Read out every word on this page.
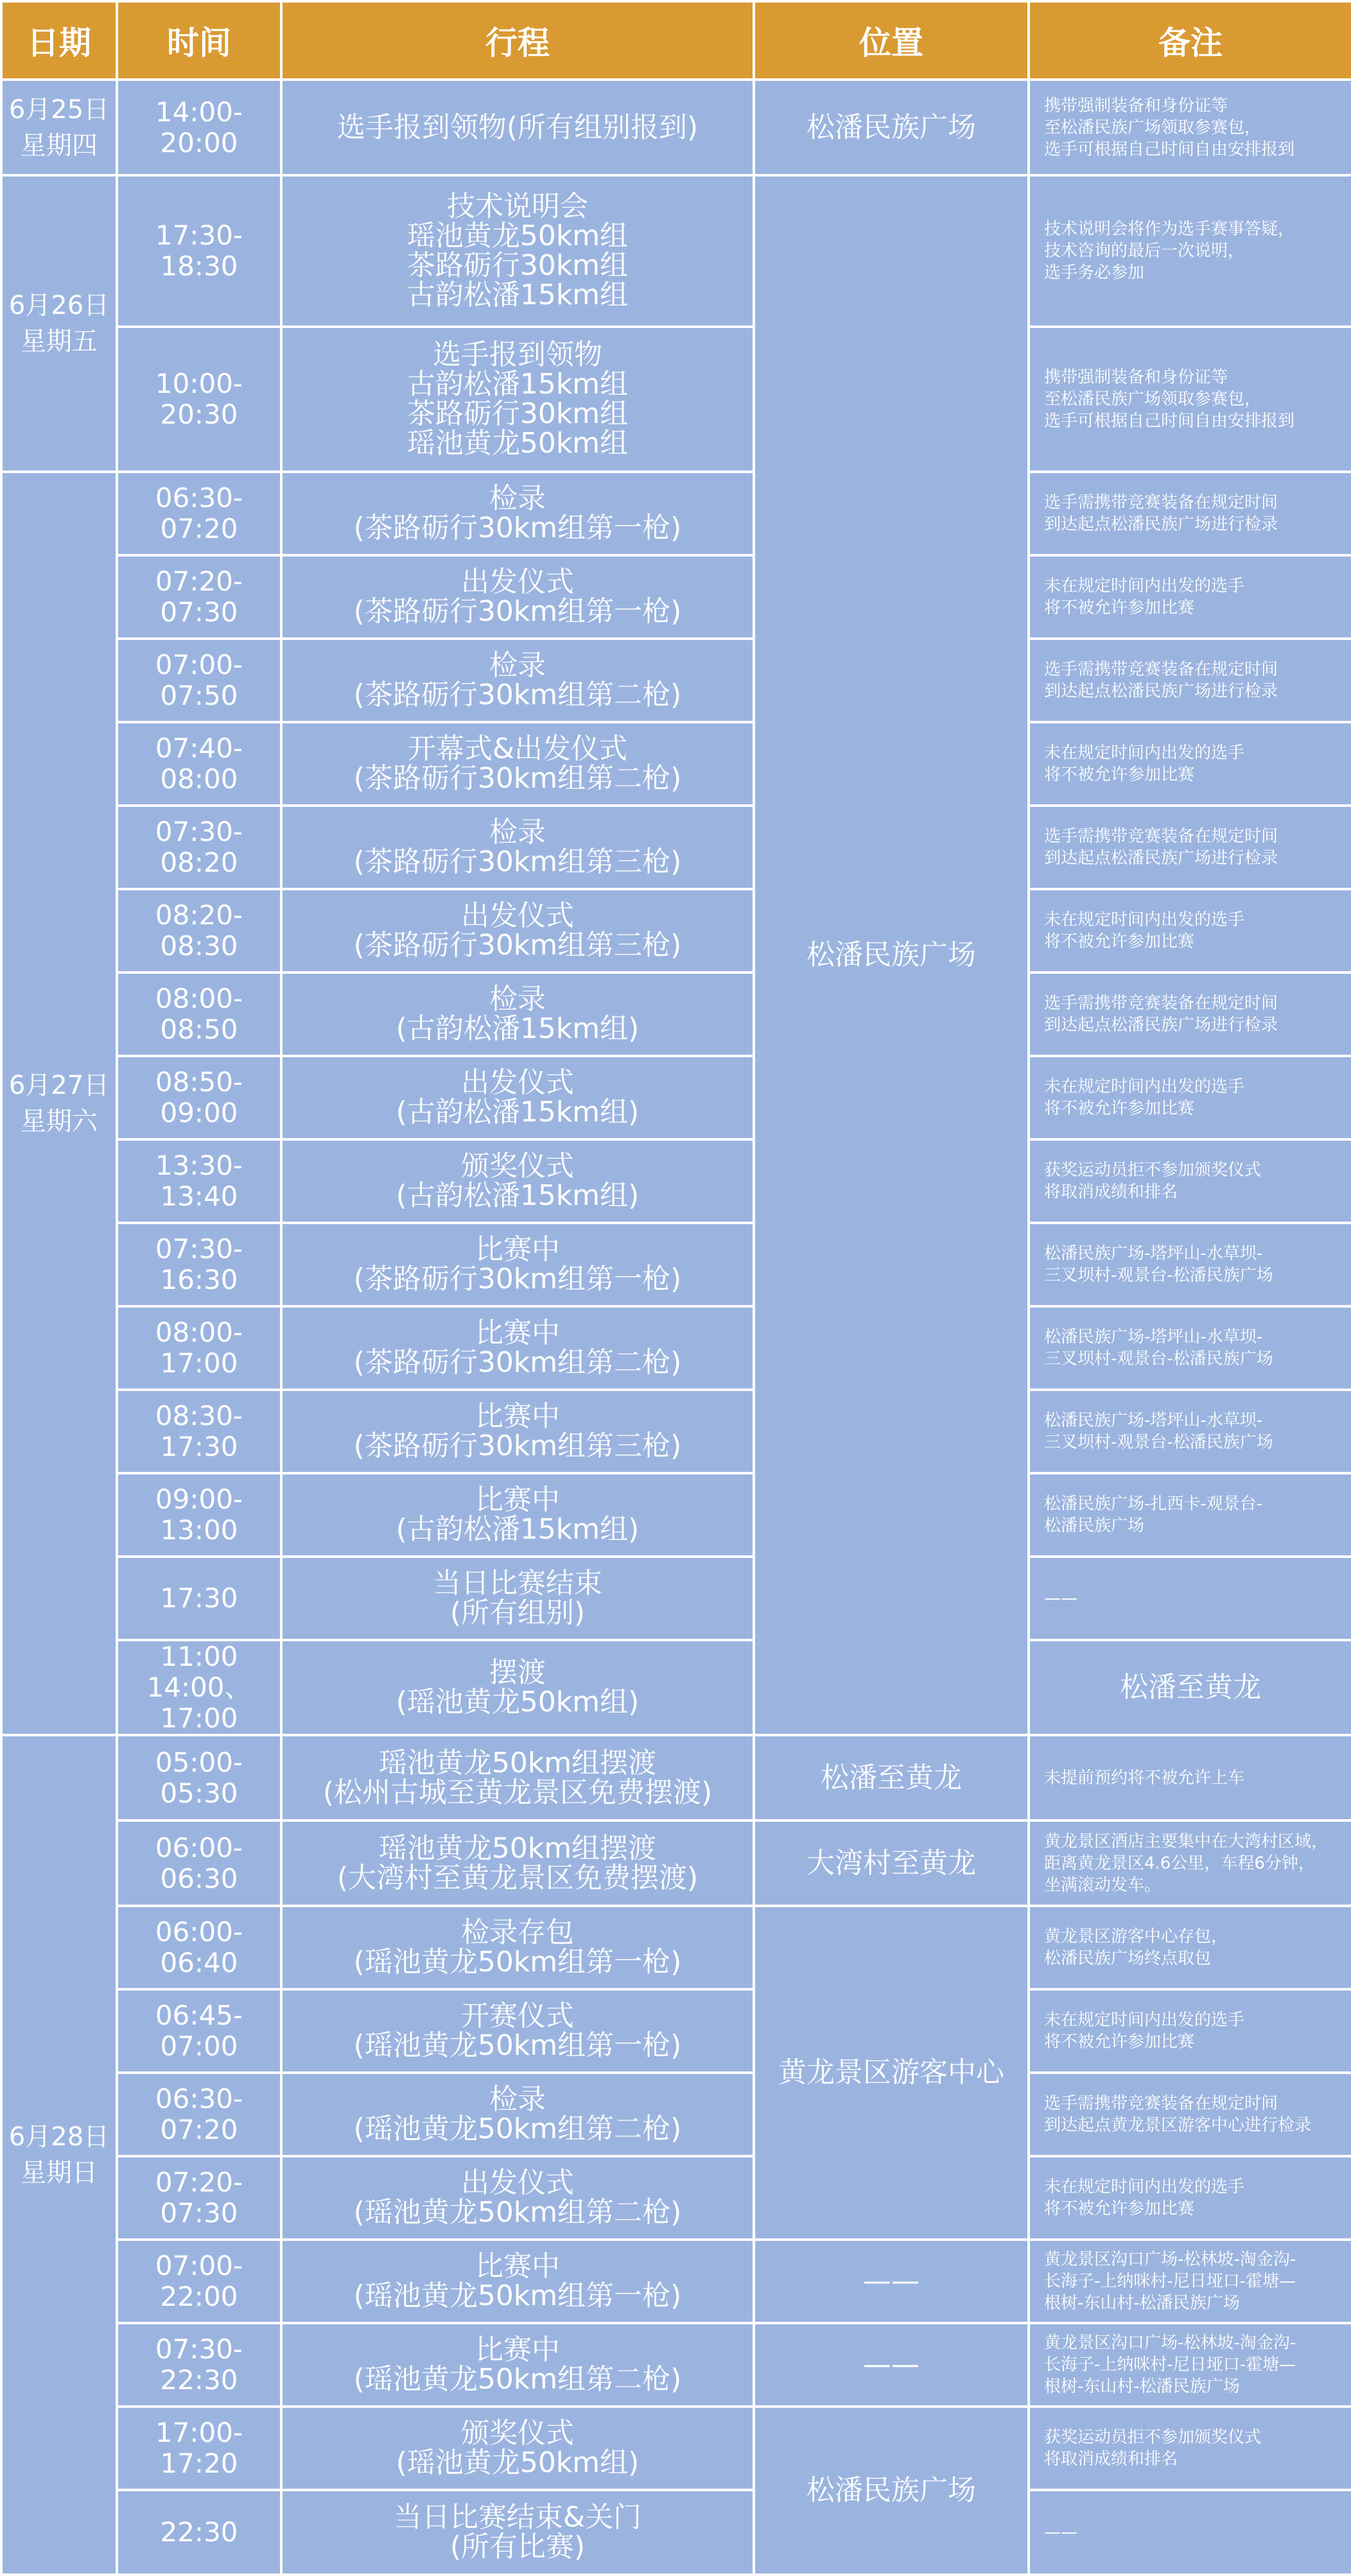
日期	时间	行程	位置	备注	

6月25日
星期四	14:00-20:00	选手报到领物(所有组别报到)	松潘民族广场	携带强制装备和身份证等
至松潘民族广场领取参赛包，
选手可根据自己时间自由安排报到	

6月26日
星期五	17:30-18:30	技术说明会
瑶池黄龙50km组
茶路砺行30km组
古韵松潘15km组	松潘民族广场	技术说明会将作为选手赛事答疑，
技术咨询的最后一次说明，
选手务必参加	

	10:00-20:30	选手报到领物
古韵松潘15km组
茶路砺行30km组
瑶池黄龙50km组		携带强制装备和身份证等
至松潘民族广场领取参赛包，
选手可根据自己时间自由安排报到	

6月27日
星期六	06:30-07:20	检录
(茶路砺行30km组第一枪)		选手需携带竞赛装备在规定时间
到达起点松潘民族广场进行检录	

	07:20-07:30	出发仪式
(茶路砺行30km组第一枪)		未在规定时间内出发的选手
将不被允许参加比赛	

	07:00-07:50	检录
(茶路砺行30km组第二枪)		选手需携带竞赛装备在规定时间
到达起点松潘民族广场进行检录	

	07:40-08:00	开幕式&出发仪式
(茶路砺行30km组第二枪)		未在规定时间内出发的选手
将不被允许参加比赛	

	07:30-08:20	检录
(茶路砺行30km组第三枪)		选手需携带竞赛装备在规定时间
到达起点松潘民族广场进行检录	

	08:20-08:30	出发仪式
(茶路砺行30km组第三枪)		未在规定时间内出发的选手
将不被允许参加比赛	

	08:00-08:50	检录
(古韵松潘15km组)		选手需携带竞赛装备在规定时间
到达起点松潘民族广场进行检录	

	08:50-09:00	出发仪式
(古韵松潘15km组)		未在规定时间内出发的选手
将不被允许参加比赛	

	13:30-13:40	颁奖仪式
(古韵松潘15km组)		获奖运动员拒不参加颁奖仪式
将取消成绩和排名	

	07:30-16:30	比赛中
(茶路砺行30km组第一枪)		松潘民族广场-塔坪山-水草坝-
三叉坝村-观景台-松潘民族广场	

	08:00-17:00	比赛中
(茶路砺行30km组第二枪)		松潘民族广场-塔坪山-水草坝-
三叉坝村-观景台-松潘民族广场	

	08:30-17:30	比赛中
(茶路砺行30km组第三枪)		松潘民族广场-塔坪山-水草坝-
三叉坝村-观景台-松潘民族广场	

	09:00-13:00	比赛中
(古韵松潘15km组)		松潘民族广场-扎西卡-观景台-
松潘民族广场	

	17:30	当日比赛结束
(所有组别)		——	

	11:00
14:00、17:00	摆渡
(瑶池黄龙50km组)		松潘至黄龙

6月28日
星期日	05:00-05:30	瑶池黄龙50km组摆渡
(松州古城至黄龙景区免费摆渡)	松潘至黄龙	未提前预约将不被允许上车	

	06:00-06:30	瑶池黄龙50km组摆渡
(大湾村至黄龙景区免费摆渡)	大湾村至黄龙	黄龙景区酒店主要集中在大湾村区域，
距离黄龙景区4.6公里，车程6分钟，
坐满滚动发车。	

	06:00-06:40	检录存包
(瑶池黄龙50km组第一枪)	黄龙景区游客中心	黄龙景区游客中心存包，
松潘民族广场终点取包	

	06:45-07:00	开赛仪式
(瑶池黄龙50km组第一枪)		未在规定时间内出发的选手
将不被允许参加比赛	

	06:30-07:20	检录
(瑶池黄龙50km组第二枪)		选手需携带竞赛装备在规定时间
到达起点黄龙景区游客中心进行检录	

	07:20-07:30	出发仪式
(瑶池黄龙50km组第二枪)		未在规定时间内出发的选手
将不被允许参加比赛	

	07:00-22:00	比赛中
(瑶池黄龙50km组第一枪)	——	黄龙景区沟口广场-松林坡-淘金沟-
长海子-上纳咪村-尼日垭口-霍塘—
根树-东山村-松潘民族广场	

	07:30-22:30	比赛中
(瑶池黄龙50km组第二枪)	——	黄龙景区沟口广场-松林坡-淘金沟-
长海子-上纳咪村-尼日垭口-霍塘—
根树-东山村-松潘民族广场	

	17:00-17:20	颁奖仪式
(瑶池黄龙50km组)	松潘民族广场	获奖运动员拒不参加颁奖仪式
将取消成绩和排名	

	22:30	当日比赛结束&关门
(所有比赛)		——	
